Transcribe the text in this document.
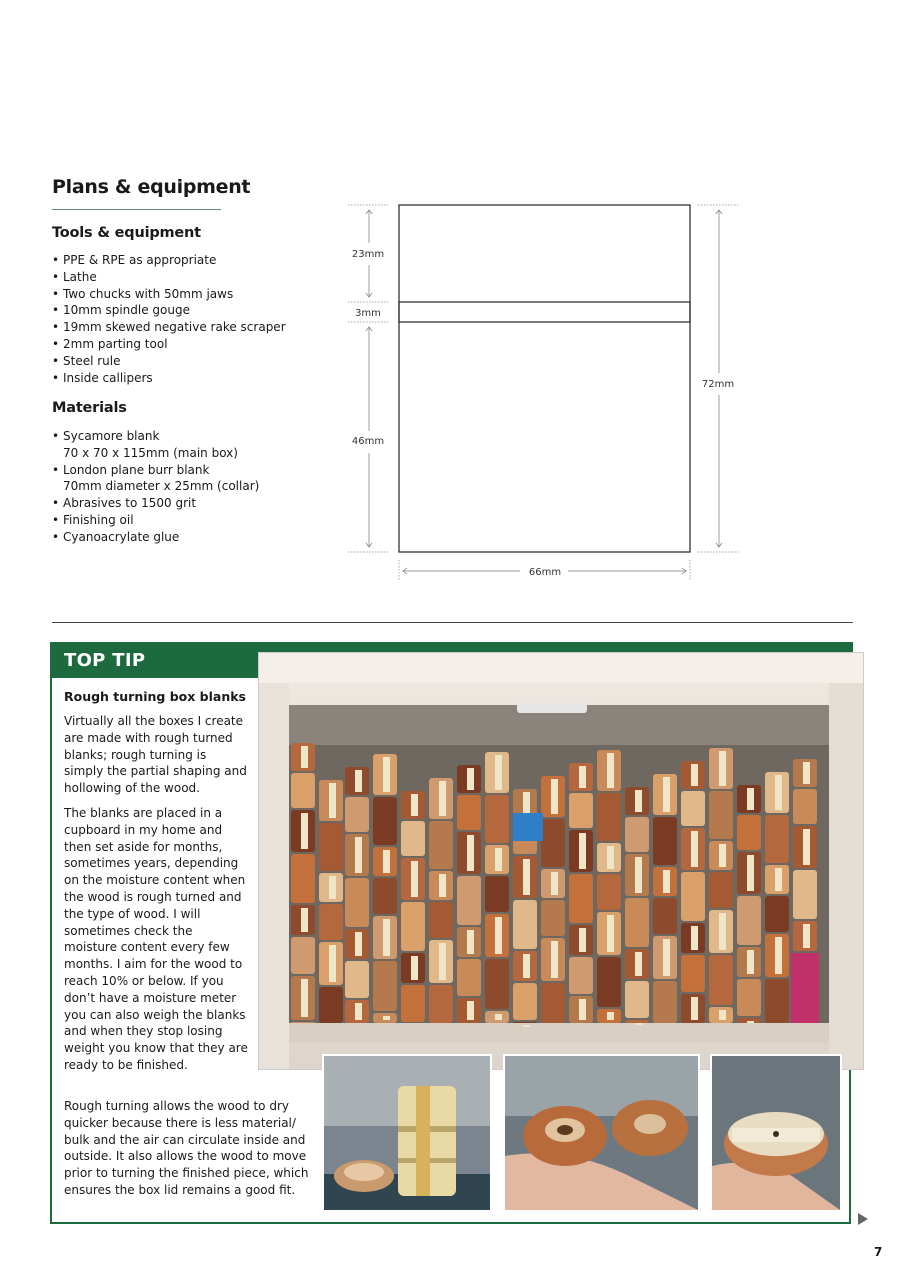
Plans & equipment
Tools & equipment
• PPE & RPE as appropriate
• Lathe
• Two chucks with 50mm jaws
• 10mm spindle gouge
• 19mm skewed negative rake scraper
• 2mm parting tool
• Steel rule
• Inside callipers
Materials
• Sycamore blank
70 x 70 x 115mm (main box)
• London plane burr blank
70mm diameter x 25mm (collar)
• Abrasives to 1500 grit
• Finishing oil
• Cyanoacrylate glue
23mm
3mm
46mm
72mm
66mm
TOP TIP
Rough turning box blanks

Virtually all the boxes I create are made with rough turned blanks; rough turning is simply the partial shaping and hollowing of the wood.

The blanks are placed in a cupboard in my home and then set aside for months, sometimes years, depending on the moisture content when the wood is rough turned and the type of wood. I will sometimes check the moisture content every few months. I aim for the wood to reach 10% or below. If you don’t have a moisture meter you can also weigh the blanks and when they stop losing weight you know that they are ready to be finished.

Rough turning allows the wood to dry quicker because there is less material/ bulk and the air can circulate inside and outside. It also allows the wood to move prior to turning the finished piece, which ensures the box lid remains a good fit.

7
